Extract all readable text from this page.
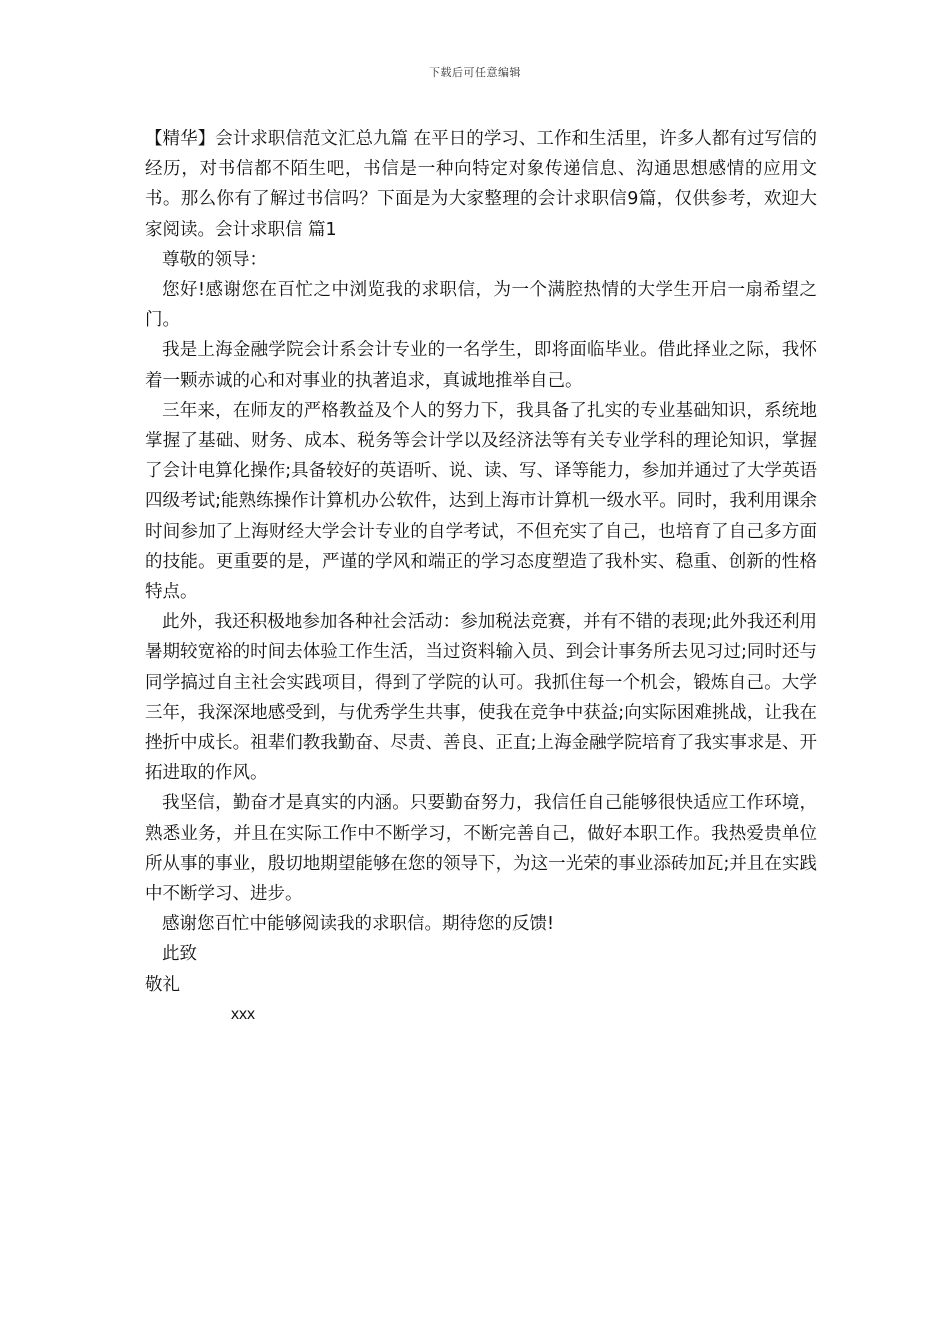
下载后可任意编辑

【精华】会计求职信范文汇总九篇 在平日的学习、工作和生活里，许多人都有过写信的经历，对书信都不陌生吧，书信是一种向特定对象传递信息、沟通思想感情的应用文书。那么你有了解过书信吗？下面是为大家整理的会计求职信9篇，仅供参考，欢迎大家阅读。会计求职信 篇1

尊敬的领导：

您好!感谢您在百忙之中浏览我的求职信，为一个满腔热情的大学生开启一扇希望之门。

我是上海金融学院会计系会计专业的一名学生，即将面临毕业。借此择业之际，我怀着一颗赤诚的心和对事业的执著追求，真诚地推举自己。

三年来，在师友的严格教益及个人的努力下，我具备了扎实的专业基础知识，系统地掌握了基础、财务、成本、税务等会计学以及经济法等有关专业学科的理论知识，掌握了会计电算化操作;具备较好的英语听、说、读、写、译等能力，参加并通过了大学英语四级考试;能熟练操作计算机办公软件，达到上海市计算机一级水平。同时，我利用课余时间参加了上海财经大学会计专业的自学考试，不但充实了自己，也培育了自己多方面的技能。更重要的是，严谨的学风和端正的学习态度塑造了我朴实、稳重、创新的性格特点。

此外，我还积极地参加各种社会活动：参加税法竞赛，并有不错的表现;此外我还利用暑期较宽裕的时间去体验工作生活，当过资料输入员、到会计事务所去见习过;同时还与同学搞过自主社会实践项目，得到了学院的认可。我抓住每一个机会，锻炼自己。大学三年，我深深地感受到，与优秀学生共事，使我在竞争中获益;向实际困难挑战，让我在挫折中成长。祖辈们教我勤奋、尽责、善良、正直;上海金融学院培育了我实事求是、开拓进取的作风。

我坚信，勤奋才是真实的内涵。只要勤奋努力，我信任自己能够很快适应工作环境，熟悉业务，并且在实际工作中不断学习，不断完善自己，做好本职工作。我热爱贵单位所从事的事业，殷切地期望能够在您的领导下，为这一光荣的事业添砖加瓦;并且在实践中不断学习、进步。

感谢您百忙中能够阅读我的求职信。期待您的反馈!

此致

敬礼

xxx
